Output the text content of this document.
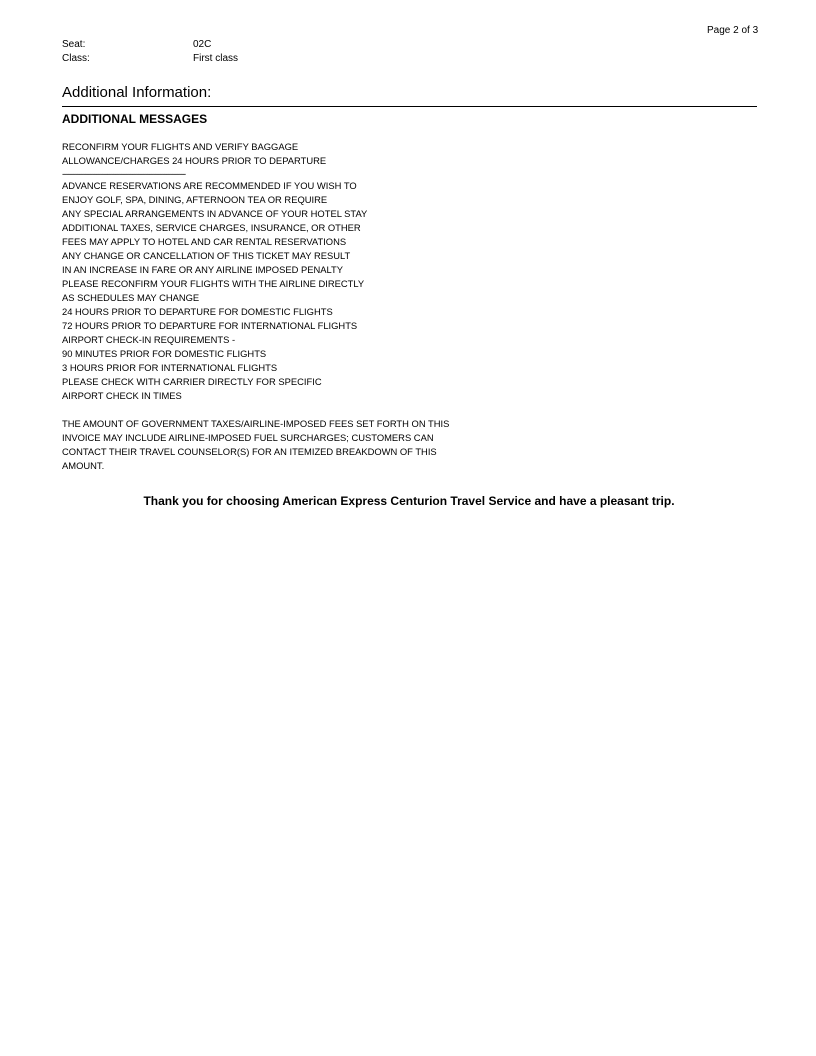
Page 2 of 3
Seat:	02C
Class:	First class
Additional Information:
ADDITIONAL MESSAGES
RECONFIRM YOUR FLIGHTS AND VERIFY BAGGAGE
ALLOWANCE/CHARGES 24 HOURS PRIOR TO DEPARTURE
----------------------------------------------------------
ADVANCE RESERVATIONS ARE RECOMMENDED IF YOU WISH TO
ENJOY GOLF, SPA, DINING, AFTERNOON TEA OR REQUIRE
ANY SPECIAL ARRANGEMENTS IN ADVANCE OF YOUR HOTEL STAY
ADDITIONAL TAXES, SERVICE CHARGES, INSURANCE, OR OTHER
FEES MAY APPLY TO HOTEL AND CAR RENTAL RESERVATIONS
ANY CHANGE OR CANCELLATION OF THIS TICKET MAY RESULT
IN AN INCREASE IN FARE OR ANY AIRLINE IMPOSED PENALTY
PLEASE RECONFIRM YOUR FLIGHTS WITH THE AIRLINE DIRECTLY
AS SCHEDULES MAY CHANGE
24 HOURS PRIOR TO DEPARTURE FOR DOMESTIC FLIGHTS
72 HOURS PRIOR TO DEPARTURE FOR INTERNATIONAL FLIGHTS
AIRPORT CHECK-IN REQUIREMENTS -
90 MINUTES PRIOR FOR DOMESTIC FLIGHTS
3 HOURS PRIOR FOR INTERNATIONAL FLIGHTS
PLEASE CHECK WITH CARRIER DIRECTLY FOR SPECIFIC
AIRPORT CHECK IN TIMES
THE AMOUNT OF GOVERNMENT TAXES/AIRLINE-IMPOSED FEES SET FORTH ON THIS
INVOICE MAY INCLUDE AIRLINE-IMPOSED FUEL SURCHARGES; CUSTOMERS CAN
CONTACT THEIR TRAVEL COUNSELOR(S) FOR AN ITEMIZED BREAKDOWN OF THIS
AMOUNT.
Thank you for choosing American Express Centurion Travel Service and have a pleasant trip.
